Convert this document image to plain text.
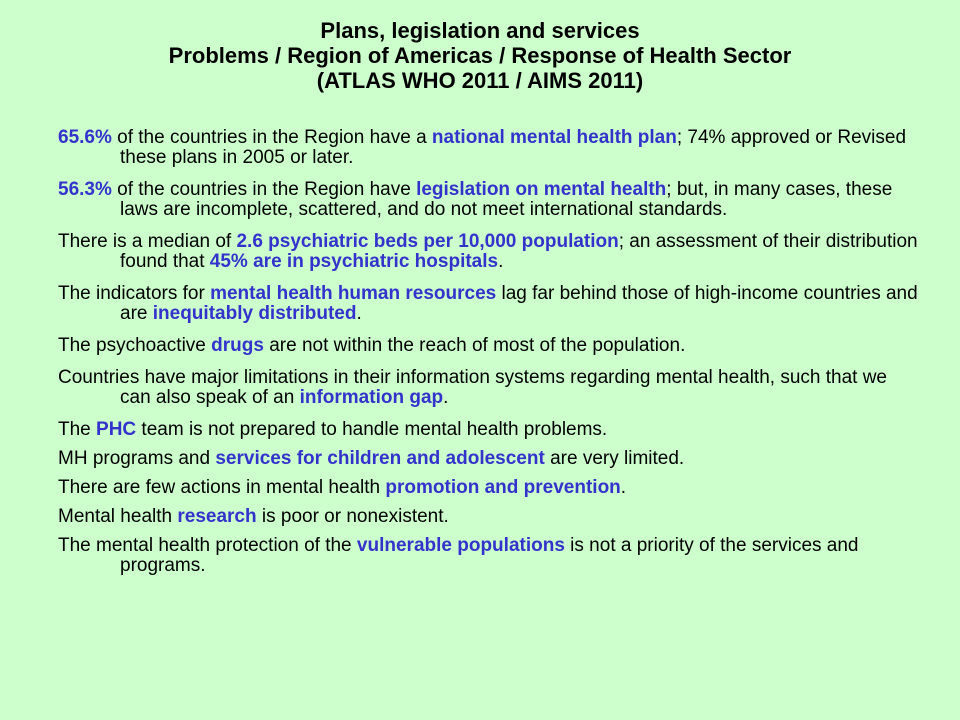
Plans, legislation and services
Problems / Region of Americas / Response of Health Sector
(ATLAS WHO 2011 / AIMS 2011)
65.6% of the countries in the Region have a national mental health plan; 74% approved or Revised these plans in 2005 or later.
56.3% of the countries in the Region have legislation on mental health; but, in many cases, these laws are incomplete, scattered, and do not meet international standards.
There is a median of 2.6 psychiatric beds per 10,000 population; an assessment of their distribution found that 45% are in psychiatric hospitals.
The indicators for mental health human resources lag far behind those of high-income countries and are inequitably distributed.
The psychoactive drugs are not within the reach of most of the population.
Countries have major limitations in their information systems regarding mental health, such that we can also speak of an information gap.
The PHC team is not prepared to handle mental health problems.
MH programs and services for children and adolescent are very limited.
There are few actions in mental health promotion and prevention.
Mental health research is poor or nonexistent.
The mental health protection of the vulnerable populations is not a priority of the services and programs.
